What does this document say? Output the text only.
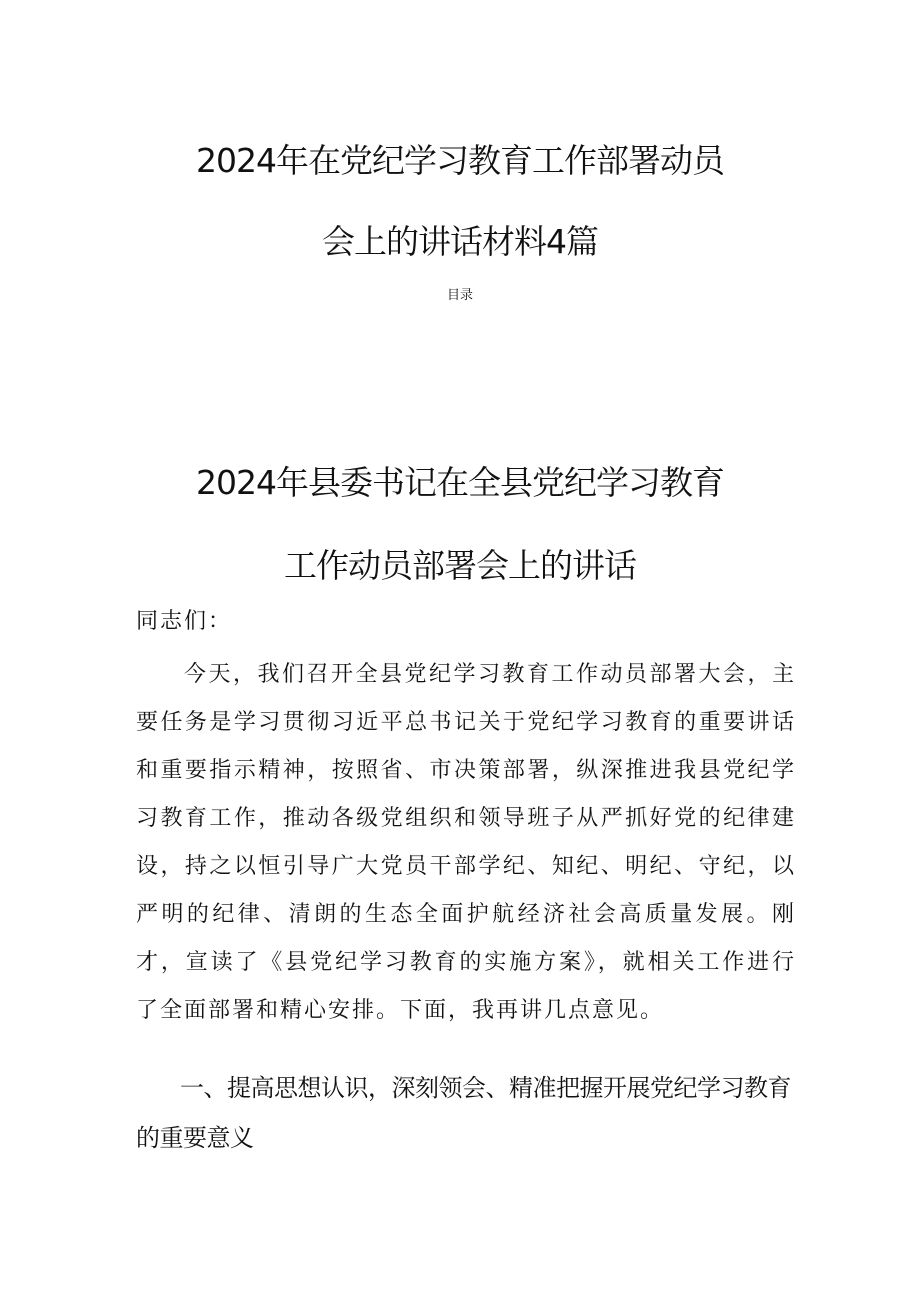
2024年在党纪学习教育工作部署动员
会上的讲话材料4篇
目录
2024年县委书记在全县党纪学习教育
工作动员部署会上的讲话
同志们：
今天，我们召开全县党纪学习教育工作动员部署大会，主要任务是学习贯彻习近平总书记关于党纪学习教育的重要讲话和重要指示精神，按照省、市决策部署，纵深推进我县党纪学习教育工作，推动各级党组织和领导班子从严抓好党的纪律建设，持之以恒引导广大党员干部学纪、知纪、明纪、守纪，以严明的纪律、清朗的生态全面护航经济社会高质量发展。刚才，宣读了《县党纪学习教育的实施方案》，就相关工作进行了全面部署和精心安排。下面，我再讲几点意见。
一、提高思想认识，深刻领会、精准把握开展党纪学习教育的重要意义
